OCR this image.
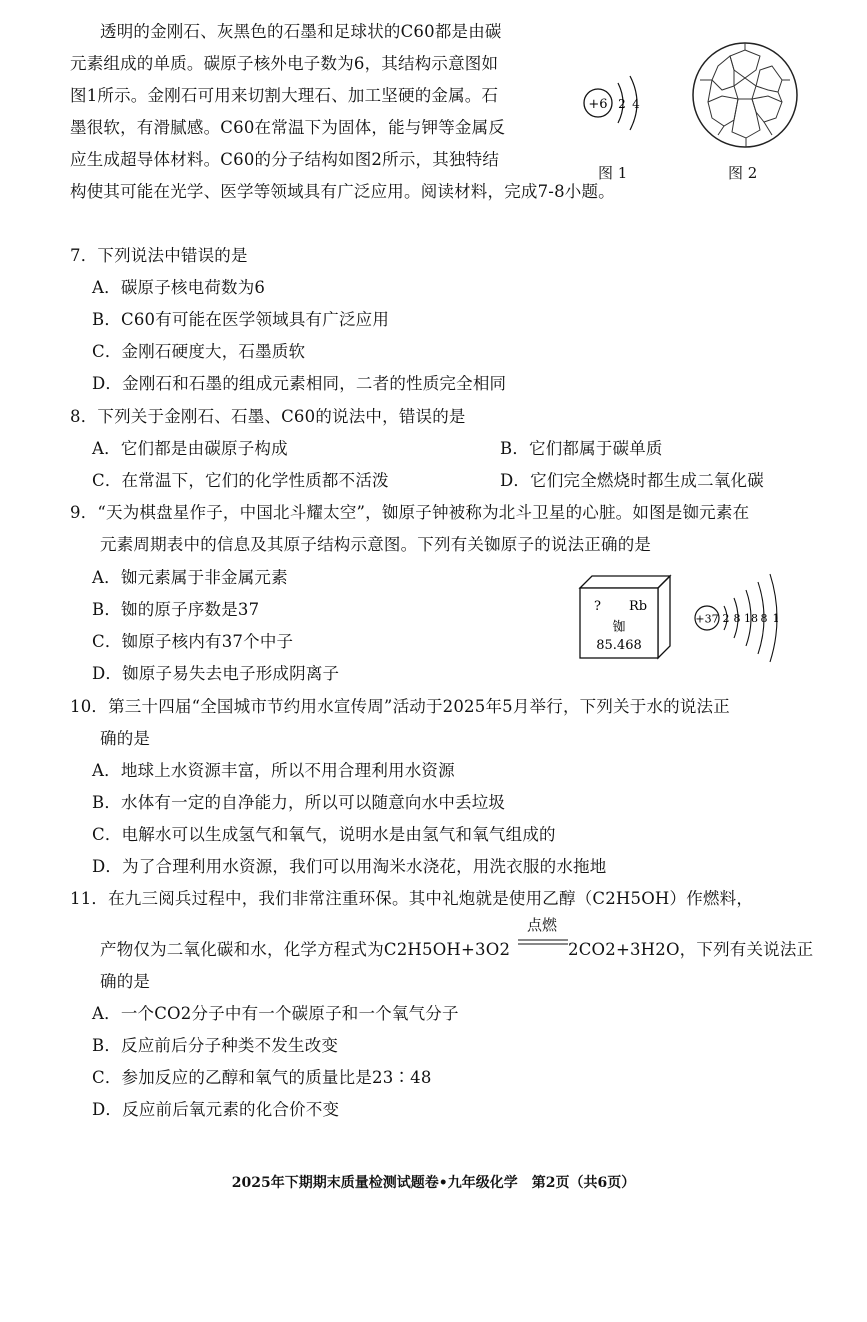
透明的金刚石、灰黑色的石墨和足球状的C60都是由碳
元素组成的单质。碳原子核外电子数为6，其结构示意图如
图1所示。金刚石可用来切割大理石、加工坚硬的金属。石
墨很软，有滑腻感。C60在常温下为固体，能与钾等金属反
应生成超导体材料。C60的分子结构如图2所示，其独特结
构使其可能在光学、医学等领域具有广泛应用。阅读材料，完成7-8小题。
+6 2 4
图 1	图 2
7．下列说法中错误的是
A．碳原子核电荷数为6
B．C60有可能在医学领域具有广泛应用
C．金刚石硬度大，石墨质软
D．金刚石和石墨的组成元素相同，二者的性质完全相同
8．下列关于金刚石、石墨、C60的说法中，错误的是
A．它们都是由碳原子构成	B．它们都属于碳单质
C．在常温下，它们的化学性质都不活泼	D．它们完全燃烧时都生成二氧化碳
9．“天为棋盘星作子，中国北斗耀太空”，铷原子钟被称为北斗卫星的心脏。如图是铷元素在
元素周期表中的信息及其原子结构示意图。下列有关铷原子的说法正确的是
A．铷元素属于非金属元素
B．铷的原子序数是37
C．铷原子核内有37个中子
D．铷原子易失去电子形成阴离子
? Rb
铷
85.468
+37 2 8 18 8 1
10．第三十四届“全国城市节约用水宣传周”活动于2025年5月举行，下列关于水的说法正
确的是
A．地球上水资源丰富，所以不用合理利用水资源
B．水体有一定的自净能力，所以可以随意向水中丢垃圾
C．电解水可以生成氢气和氧气，说明水是由氢气和氧气组成的
D．为了合理利用水资源，我们可以用淘米水浇花，用洗衣服的水拖地
11．在九三阅兵过程中，我们非常注重环保。其中礼炮就是使用乙醇（C2H5OH）作燃料，
产物仅为二氧化碳和水，化学方程式为C2H5OH+3O2
点燃
2CO2+3H2O，下列有关说法正
确的是
A．一个CO2分子中有一个碳原子和一个氧气分子
B．反应前后分子种类不发生改变
C．参加反应的乙醇和氧气的质量比是23∶48
D．反应前后氧元素的化合价不变
2025年下期期末质量检测试题卷•九年级化学　第2页（共6页）
